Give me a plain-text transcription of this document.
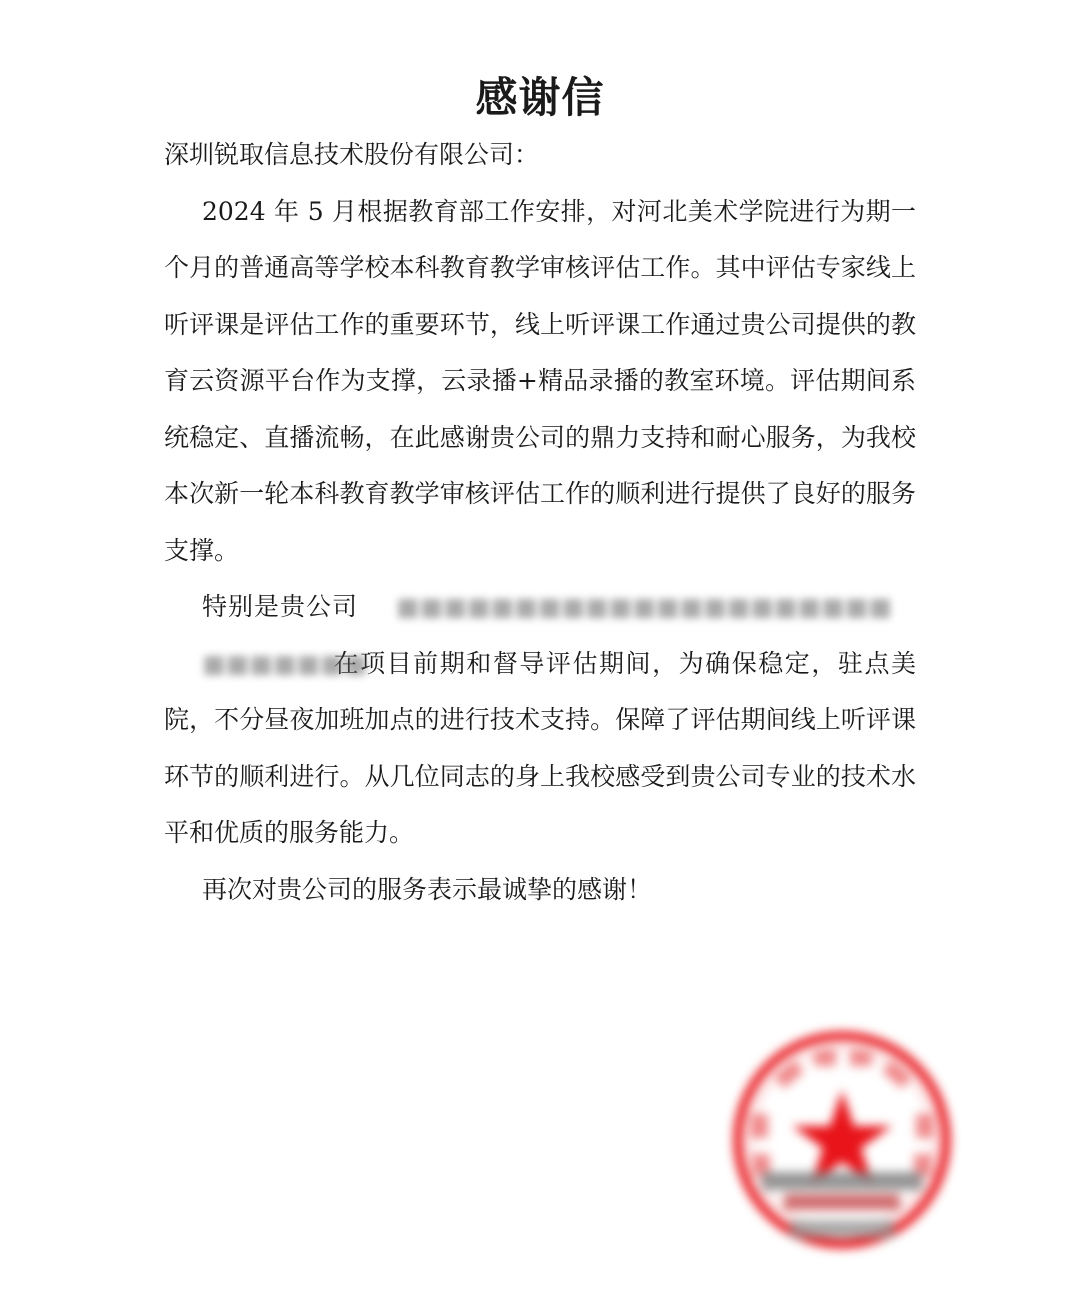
感谢信

深圳锐取信息技术股份有限公司：

2024 年 5 月根据教育部工作安排，对河北美术学院进行为期一个月的普通高等学校本科教育教学审核评估工作。其中评估专家线上听评课是评估工作的重要环节，线上听评课工作通过贵公司提供的教育云资源平台作为支撑，云录播+精品录播的教室环境。评估期间系统稳定、直播流畅，在此感谢贵公司的鼎力支持和耐心服务，为我校本次新一轮本科教育教学审核评估工作的顺利进行提供了良好的服务支撑。

特别是贵公司 ■■■■■■■■■■■■■■■■■■■■■■■■■■■■在项目前期和督导评估期间，为确保稳定，驻点美院，不分昼夜加班加点的进行技术支持。保障了评估期间线上听评课环节的顺利进行。从几位同志的身上我校感受到贵公司专业的技术水平和优质的服务能力。

再次对贵公司的服务表示最诚挚的感谢！
